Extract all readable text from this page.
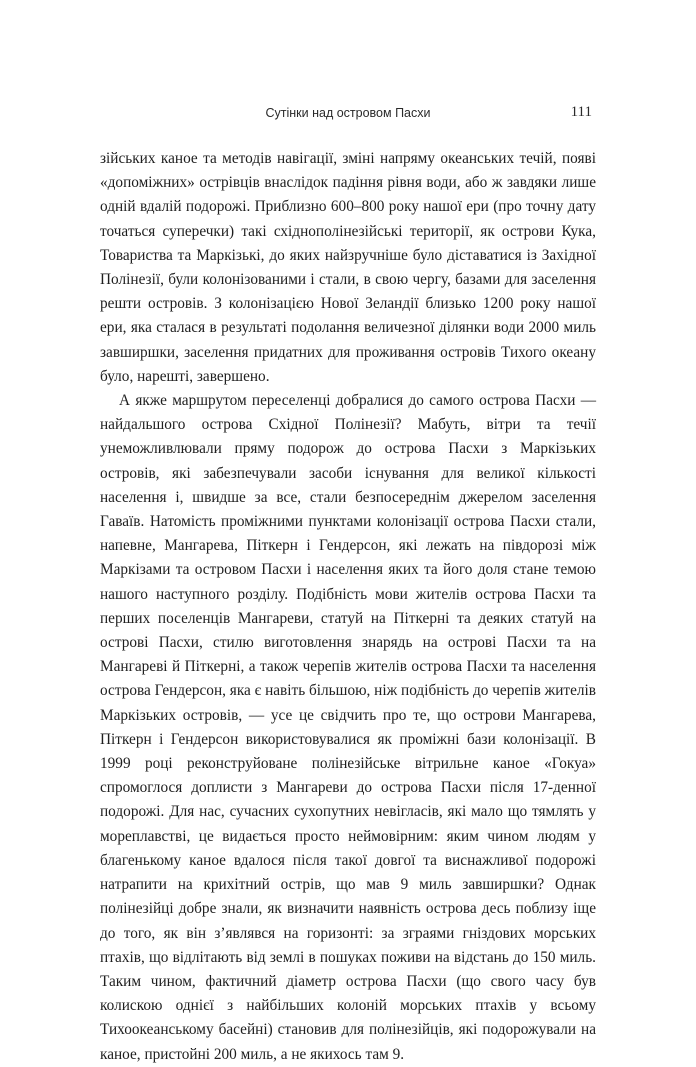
Сутінки над островом Пасхи	111

зійських каное та методів навігації, зміні напряму океанських течій, появі «допоміжних» острівців внаслідок падіння рівня води, або ж завдяки лише одній вдалій подорожі. Приблизно 600–800 року нашої ери (про точну дату точаться суперечки) такі східнополінезійські території, як острови Кука, Товариства та Маркізькі, до яких найзручніше було діставатися із Західної Полінезії, були колонізованими і стали, в свою чергу, базами для заселення решти островів. З колонізацією Нової Зеландії близько 1200 року нашої ери, яка сталася в результаті подолання величезної ділянки води 2000 миль завширшки, заселення придатних для проживання островів Тихого океану було, нарешті, завершено.

А якже маршрутом переселенці добралися до самого острова Пасхи — найдальшого острова Східної Полінезії? Мабуть, вітри та течії унеможливлювали пряму подорож до острова Пасхи з Маркізьких островів, які забезпечували засоби існування для великої кількості населення і, швидше за все, стали безпосереднім джерелом заселення Гаваїв. Натомість проміжними пунктами колонізації острова Пасхи стали, напевне, Мангарева, Піткерн і Гендерсон, які лежать на півдорозі між Маркізами та островом Пасхи і населення яких та його доля стане темою нашого наступного розділу. Подібність мови жителів острова Пасхи та перших поселенців Мангареви, статуй на Піткерні та деяких статуй на острові Пасхи, стилю виготовлення знарядь на острові Пасхи та на Мангареві й Піткерні, а також черепів жителів острова Пасхи та населення острова Гендерсон, яка є навіть більшою, ніж подібність до черепів жителів Маркізьких островів, — усе це свідчить про те, що острови Мангарева, Піткерн і Гендерсон використовувалися як проміжні бази колонізації. В 1999 році реконструйоване полінезійське вітрильне каное «Гокуа» спромоглося доплисти з Мангареви до острова Пасхи після 17-денної подорожі. Для нас, сучасних сухопутних невігласів, які мало що тямлять у мореплавстві, це видається просто неймовірним: яким чином людям у благенькому каное вдалося після такої довгої та виснажливої подорожі натрапити на крихітний острів, що мав 9 миль завширшки? Однак полінезійці добре знали, як визначити наявність острова десь поблизу іще до того, як він з’являвся на горизонті: за зграями гніздових морських птахів, що відлітають від землі в пошуках поживи на відстань до 150 миль. Таким чином, фактичний діаметр острова Пасхи (що свого часу був колискою однієї з найбільших колоній морських птахів у всьому Тихоокеанському басейні) становив для полінезійців, які подорожували на каное, пристойні 200 миль, а не якихось там 9.
